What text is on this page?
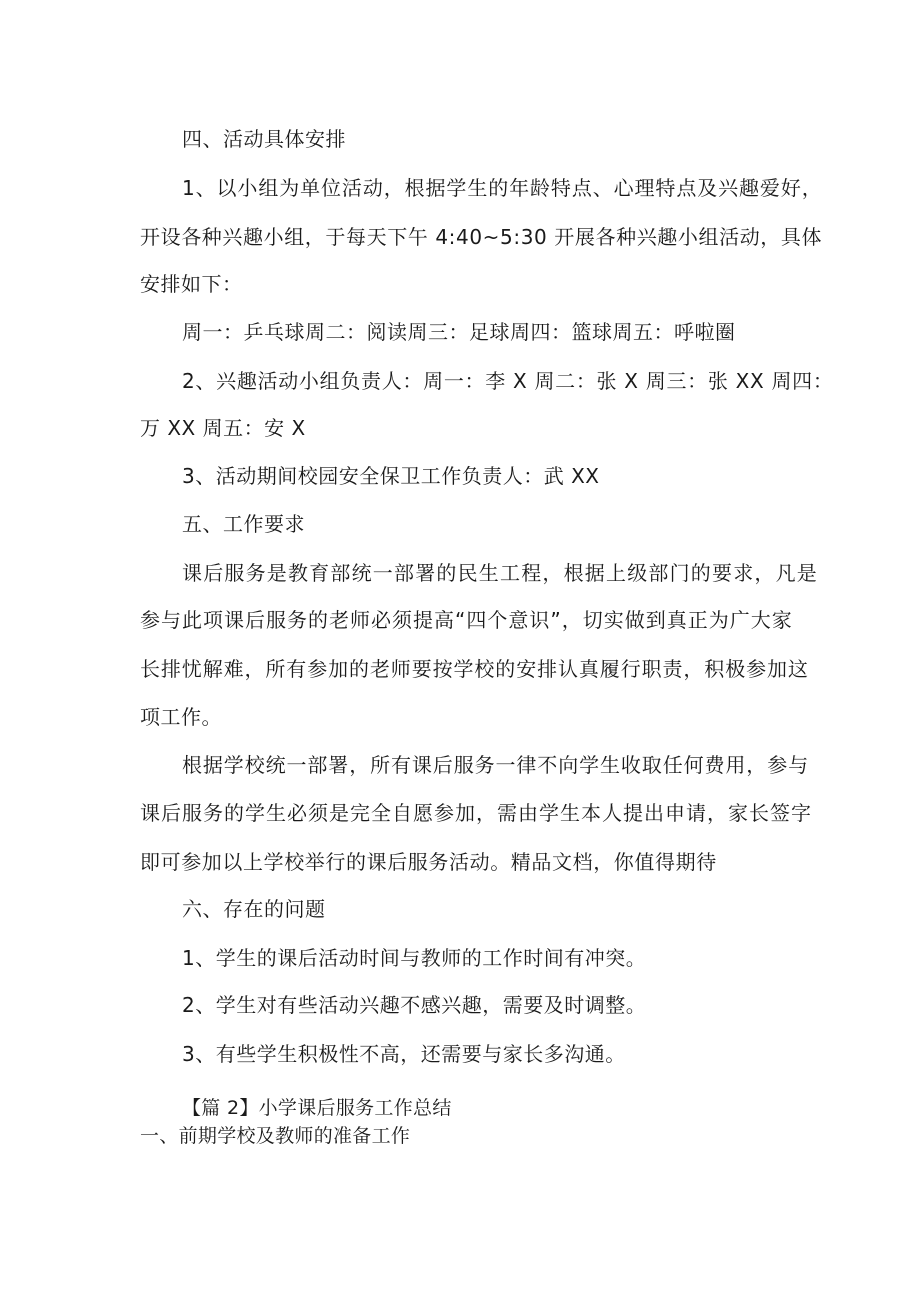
四、活动具体安排
1、以小组为单位活动，根据学生的年龄特点、心理特点及兴趣爱好，
开设各种兴趣小组，于每天下午 4:40~5:30 开展各种兴趣小组活动，具体
安排如下：
周一：乒乓球周二：阅读周三：足球周四：篮球周五：呼啦圈
2、兴趣活动小组负责人：周一：李 X 周二：张 X 周三：张 XX 周四：
万 XX 周五：安 X
3、活动期间校园安全保卫工作负责人：武 XX
五、工作要求
课后服务是教育部统一部署的民生工程，根据上级部门的要求，凡是
参与此项课后服务的老师必须提高“四个意识”，切实做到真正为广大家
长排忧解难，所有参加的老师要按学校的安排认真履行职责，积极参加这
项工作。
根据学校统一部署，所有课后服务一律不向学生收取任何费用，参与
课后服务的学生必须是完全自愿参加，需由学生本人提出申请，家长签字
即可参加以上学校举行的课后服务活动。精品文档，你值得期待
六、存在的问题
1、学生的课后活动时间与教师的工作时间有冲突。
2、学生对有些活动兴趣不感兴趣，需要及时调整。
3、有些学生积极性不高，还需要与家长多沟通。
【篇 2】小学课后服务工作总结
一、前期学校及教师的准备工作
